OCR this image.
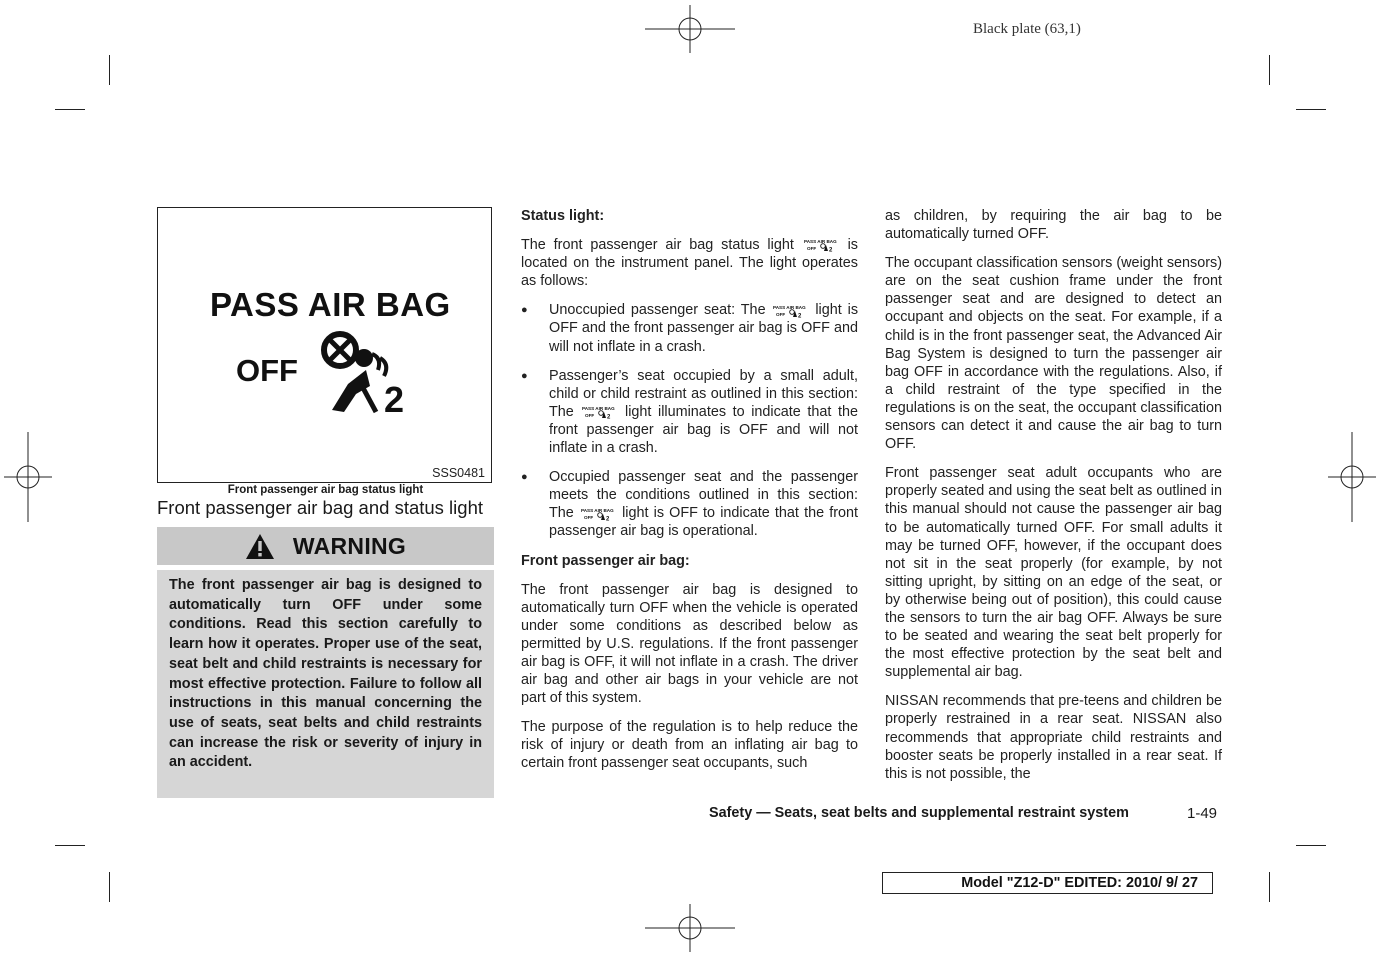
Black plate (63,1)
PASS AIR BAG
OFF
2
SSS0481
Front passenger air bag status light
Front passenger air bag and status light
WARNING
The front passenger air bag is designed to automatically turn OFF under some conditions. Read this section carefully to learn how it operates. Proper use of the seat, seat belt and child restraints is necessary for most effective protection. Failure to follow all instructions in this manual concerning the use of seats, seat belts and child restraints can increase the risk or severity of injury in an accident.
Status light:

The front passenger air bag status light PASS AIR BAG
OFF 2 is located on the instrument panel. The light operates as follows:

● Unoccupied passenger seat: The PASS AIR BAG
OFF 2 light is OFF and the front passenger air bag is OFF and will not inflate in a crash.
● Passenger’s seat occupied by a small adult, child or child restraint as outlined in this section: The PASS AIR BAG
OFF 2 light illuminates to indicate that the front passenger air bag is OFF and will not inflate in a crash.
● Occupied passenger seat and the passenger meets the conditions outlined in this section: The PASS AIR BAG
OFF 2 light is OFF to indicate that the front passenger air bag is operational.
Front passenger air bag:

The front passenger air bag is designed to automatically turn OFF when the vehicle is operated under some conditions as described below as permitted by U.S. regulations. If the front passenger air bag is OFF, it will not inflate in a crash. The driver air bag and other air bags in your vehicle are not part of this system.

The purpose of the regulation is to help reduce the risk of injury or death from an inflating air bag to certain front passenger seat occupants, such

as children, by requiring the air bag to be automatically turned OFF.

The occupant classification sensors (weight sensors) are on the seat cushion frame under the front passenger seat and are designed to detect an occupant and objects on the seat. For example, if a child is in the front passenger seat, the Advanced Air Bag System is designed to turn the passenger air bag OFF in accordance with the regulations. Also, if a child restraint of the type specified in the regulations is on the seat, the occupant classification sensors can detect it and cause the air bag to turn OFF.

Front passenger seat adult occupants who are properly seated and using the seat belt as outlined in this manual should not cause the passenger air bag to be automatically turned OFF. For small adults it may be turned OFF, however, if the occupant does not sit in the seat properly (for example, by not sitting upright, by sitting on an edge of the seat, or by otherwise being out of position), this could cause the sensors to turn the air bag OFF. Always be sure to be seated and wearing the seat belt properly for the most effective protection by the seat belt and supplemental air bag.

NISSAN recommends that pre-teens and children be properly restrained in a rear seat. NISSAN also recommends that appropriate child restraints and booster seats be properly installed in a rear seat. If this is not possible, the

Safety — Seats, seat belts and supplemental restraint system	1-49
Model "Z12-D" EDITED: 2010/ 9/ 27
